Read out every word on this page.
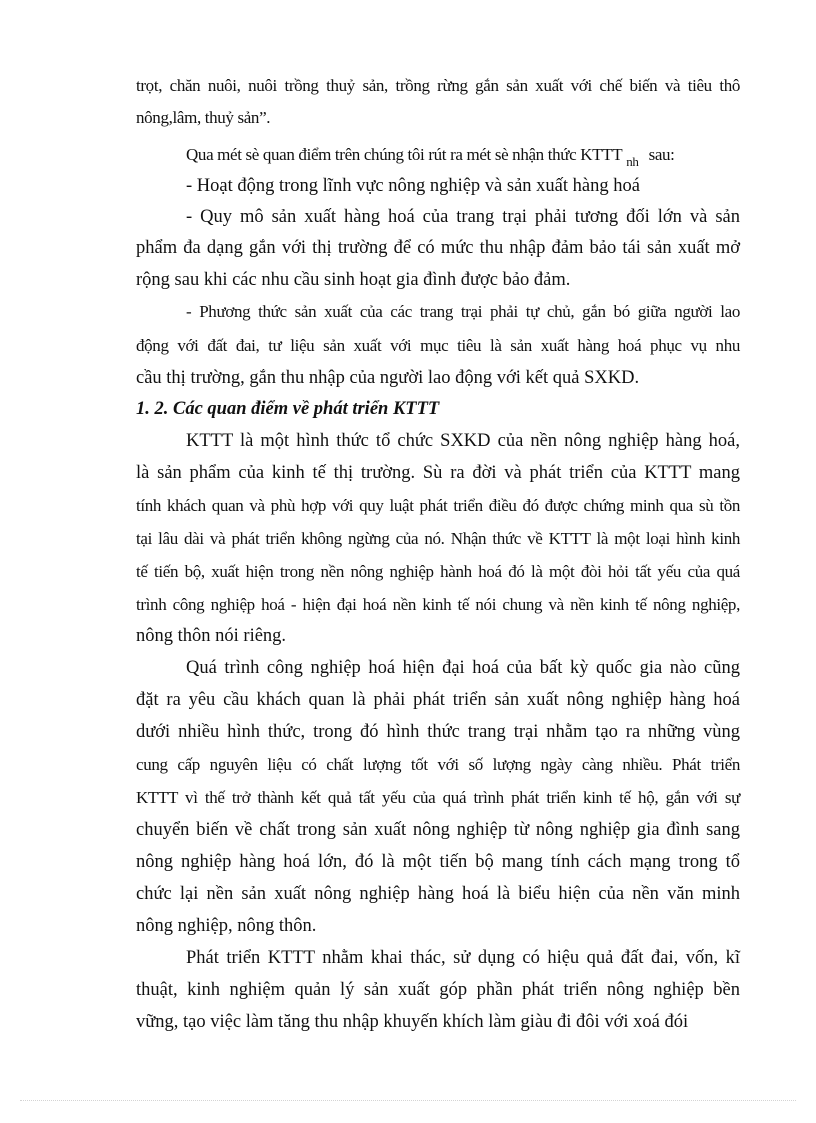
trọt, chăn nuôi, nuôi trồng thuỷ sản, trồng rừng gắn sản xuất với chế biến và tiêu thô

nông,lâm, thuỷ sản”.

Qua mét sè quan điểm trên chúng tôi rút ra mét sè nhận thức KTTT $_{nh}$ sau:

- Hoạt động trong lĩnh vực nông nghiệp và sản xuất hàng hoá

- Quy mô sản xuất hàng hoá của trang trại phải tương đối lớn và sản

phẩm đa dạng gắn với thị trường để có mức thu nhập đảm bảo tái sản xuất mở

rộng sau khi các nhu cầu sinh hoạt gia đình được bảo đảm.

- Phương thức sản xuất của các trang trại phải tự chủ, gắn bó giữa người lao

động với đất đai, tư liệu sản xuất với mục tiêu là sản xuất hàng hoá phục vụ nhu

cầu thị trường, gắn thu nhập của người lao động với kết quả SXKD.

1. 2. Các quan điểm về phát triển KTTT

KTTT là một hình thức tổ chức SXKD của nền nông nghiệp hàng hoá,

là sản phẩm của kinh tế thị trường. Sù ra đời và phát triển của KTTT mang

tính khách quan và phù hợp với quy luật phát triển điều đó được chứng minh qua sù tồn

tại lâu dài và phát triển không ngừng của nó. Nhận thức về KTTT là một loại hình kinh

tế tiến bộ, xuất hiện trong nền nông nghiệp hành hoá đó là một đòi hỏi tất yếu của quá

trình công nghiệp hoá - hiện đại hoá nền kinh tế nói chung và nền kinh tế nông nghiệp,

nông thôn nói riêng.

Quá trình công nghiệp hoá hiện đại hoá của bất kỳ quốc gia nào cũng

đặt ra yêu cầu khách quan là phải phát triển sản xuất nông nghiệp hàng hoá

dưới nhiều hình thức, trong đó hình thức trang trại nhằm tạo ra những vùng

cung cấp nguyên liệu có chất lượng tốt với số lượng ngày càng nhiều. Phát triển

KTTT vì thế trở thành kết quả tất yếu của quá trình phát triển kinh tế hộ, gắn với sự

chuyển biến về chất trong sản xuất nông nghiệp từ nông nghiệp gia đình sang

nông nghiệp hàng hoá lớn, đó là một tiến bộ mang tính cách mạng trong tổ

chức lại nền sản xuất nông nghiệp hàng hoá là biểu hiện của nền văn minh

nông nghiệp, nông thôn.

Phát triển KTTT nhằm khai thác, sử dụng có hiệu quả đất đai, vốn, kĩ

thuật, kinh nghiệm quản lý sản xuất góp phần phát triển nông nghiệp bền

vững, tạo việc làm tăng thu nhập khuyến khích làm giàu đi đôi với xoá đói
